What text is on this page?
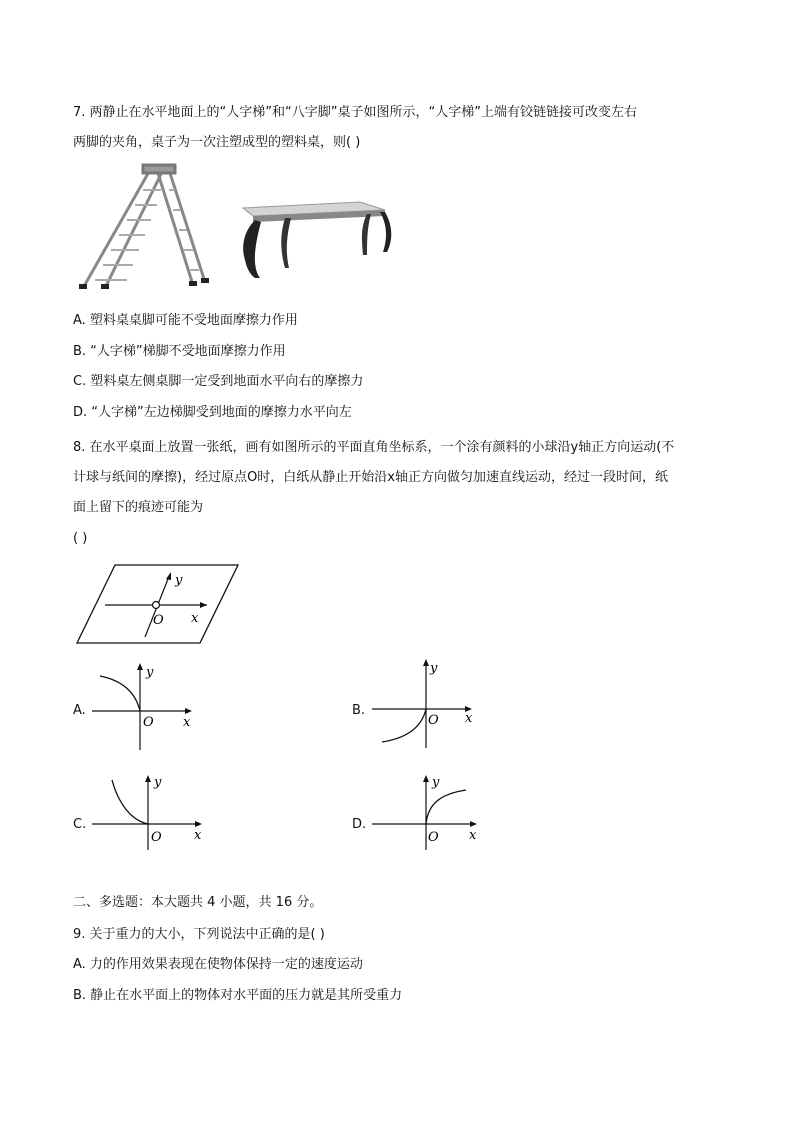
7. 两静止在水平地面上的“人字梯”和“八字脚”桌子如图所示，“人字梯”上端有铰链链接可改变左右
两脚的夹角，桌子为一次注塑成型的塑料桌，则( )
A. 塑料桌桌脚可能不受地面摩擦力作用
B. “人字梯”梯脚不受地面摩擦力作用
C. 塑料桌左侧桌脚一定受到地面水平向右的摩擦力
D. “人字梯”左边梯脚受到地面的摩擦力水平向左
8. 在水平桌面上放置一张纸，画有如图所示的平面直角坐标系，一个涂有颜料的小球沿y轴正方向运动(不
计球与纸间的摩擦)，经过原点O时，白纸从静止开始沿x轴正方向做匀加速直线运动，经过一段时间，纸
面上留下的痕迹可能为
( )
y
O x
A.
y
O x
B.
y
O x
C.
y
O x
D.
y
O x
二、多选题：本大题共 4 小题，共 16 分。
9. 关于重力的大小，下列说法中正确的是( )
A. 力的作用效果表现在使物体保持一定的速度运动
B. 静止在水平面上的物体对水平面的压力就是其所受重力
